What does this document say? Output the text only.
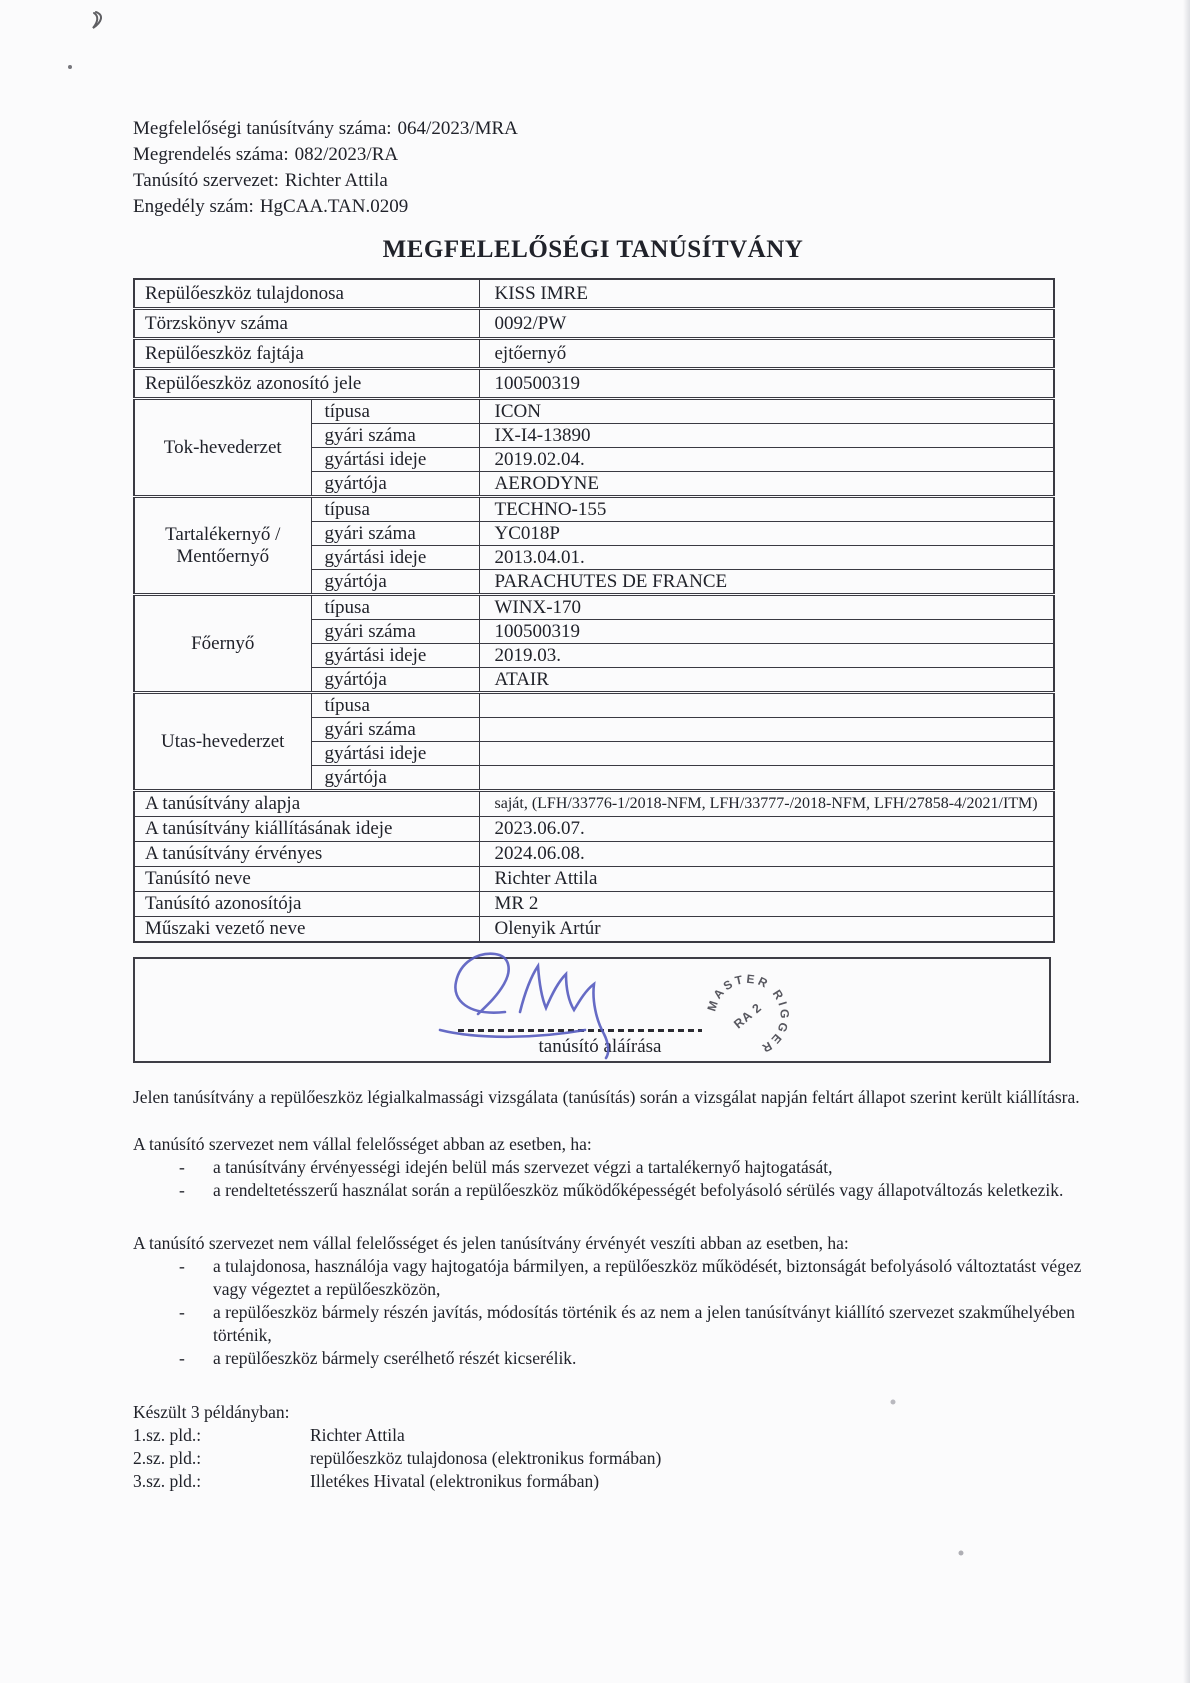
Megfelelőségi tanúsítvány száma: 064/2023/MRA
Megrendelés száma: 082/2023/RA
Tanúsító szervezet: Richter Attila
Engedély szám: HgCAA.TAN.0209
MEGFELELŐSÉGI TANÚSÍTVÁNY
Repülőeszköz tulajdonosa		KISS IMRE
Törzskönyv száma		0092/PW
Repülőeszköz fajtája		ejtőernyő
Repülőeszköz azonosító jele		100500319
Tok-hevederzet	típusa	ICON
	gyári száma	IX-I4-13890
	gyártási ideje	2019.02.04.
	gyártója	AERODYNE
Tartalékernyő / Mentőernyő	típusa	TECHNO-155
	gyári száma	YC018P
	gyártási ideje	2013.04.01.
	gyártója	PARACHUTES DE FRANCE
Főernyő	típusa	WINX-170
	gyári száma	100500319
	gyártási ideje	2019.03.
	gyártója	ATAIR
Utas-hevederzet	típusa	
	gyári száma	
	gyártási ideje	
	gyártója	
A tanúsítvány alapja		saját, (LFH/33776-1/2018-NFM, LFH/33777-/2018-NFM, LFH/27858-4/2021/ITM)
A tanúsítvány kiállításának ideje		2023.06.07.
A tanúsítvány érvényes		2024.06.08.
Tanúsító neve		Richter Attila
Tanúsító azonosítója		MR 2
Műszaki vezető neve		Olenyik Artúr
tanúsító aláírása
MASTER RIGGER
RA 2

Jelen tanúsítvány a repülőeszköz légialkalmassági vizsgálata (tanúsítás) során a vizsgálat napján feltárt állapot szerint került kiállításra.

A tanúsító szervezet nem vállal felelősséget abban az esetben, ha:
- a tanúsítvány érvényességi idején belül más szervezet végzi a tartalékernyő hajtogatását,
- a rendeltetésszerű használat során a repülőeszköz működőképességét befolyásoló sérülés vagy állapotváltozás keletkezik.
A tanúsító szervezet nem vállal felelősséget és jelen tanúsítvány érvényét veszíti abban az esetben, ha:
- a tulajdonosa, használója vagy hajtogatója bármilyen, a repülőeszköz működését, biztonságát befolyásoló változtatást végez vagy végeztet a repülőeszközön,
- a repülőeszköz bármely részén javítás, módosítás történik és az nem a jelen tanúsítványt kiállító szervezet szakműhelyében történik,
- a repülőeszköz bármely cserélhető részét kicserélik.
Készült 3 példányban:
1.sz. pld.:	Richter Attila
2.sz. pld.:	repülőeszköz tulajdonosa (elektronikus formában)
3.sz. pld.:	Illetékes Hivatal (elektronikus formában)
